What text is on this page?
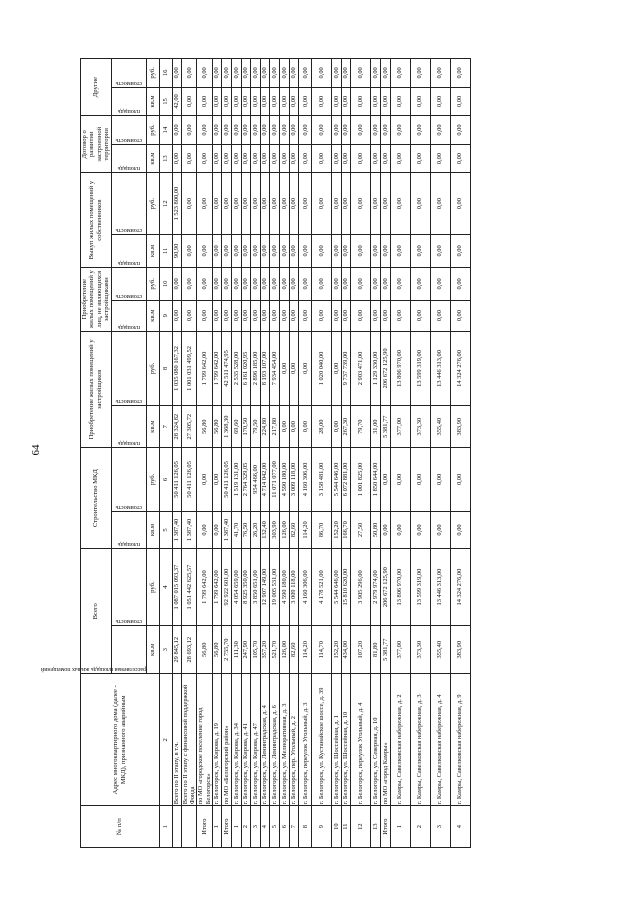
64
№ п/п	Адрес многоквартирного дома (далее - МКД), признанного аварийным	Всего		Строительство МКД		Приобретение жилых помещений у застройщиков		Приобретение жилых помещений у лиц, не являющихся застройщиками		Выкуп жилых помещений у собственников		Договор о развитии застроенной территории		Другие	

		расселяемая площадь жилых помещений	стоимость	площадь	стоимость	площадь	стоимость	площадь	стоимость	площадь	стоимость	площадь	стоимость	площадь	стоимость

		кв.м	руб.	кв.м	руб.	кв.м	руб.	кв.м	руб.	кв.м	руб.	кв.м	руб.	кв.м	руб.
1	2	3	4	5	6	7	8	9	10	11	12	13	14	15	16
	Всего по II этапу, в т.ч.	29 845,12	1 087 015 093,37	1 387,40	50 411 126,05	28 324,82	1 035 080 167,32	0,00	0,00	90,90	1 523 800,00	0,00	0,00	42,00	0,00
	Всего по II этапу с финансовой поддержкой Фонда	28 693,12	1 051 442 625,57	1 387,40	50 411 126,05	27 305,72	1 001 031 499,52	0,00	0,00	0,00	0,00	0,00	0,00	0,00	0,00
Итого	по МО «городское поселение город Белогорск»	56,80	1 799 642,00	0,00	0,00	56,80	1 799 642,00	0,00	0,00	0,00	0,00	0,00	0,00	0,00	0,00
1	г. Белогорск, ул. Кирова, д. 19	56,80	1 799 642,00	0,00	0,00	56,80	1 799 642,00	0,00	0,00	0,00	0,00	0,00	0,00	0,00	0,00
Итого	по МО «Белогорский район»	2 755,70	92 922 601,00	1 387,40	50 411 126,05	1 368,30	42 511 474,95	0,00	0,00	0,00	0,00	0,00	0,00	0,00	0,00
1	г. Белогорск, ул. Кирова, д. 34	111,30	4 054 659,00	41,70	1 519 131,00	69,60	2 535 528,00	0,00	0,00	0,00	0,00	0,00	0,00	0,00	0,00
2	г. Белогорск, ул. Кирова, д. 41	247,90	8 925 350,00	76,50	2 764 329,05	170,50	6 161 020,95	0,00	0,00	0,00	0,00	0,00	0,00	0,00	0,00
3	г. Белогорск, ул. Кирова, д. 47	105,70	3 850 651,00	26,20	954 466,00	79,50	2 896 185,00	0,00	0,00	0,00	0,00	0,00	0,00	0,00	0,00
4	г. Белогорск, ул. Ленинградская, д. 4	357,20	12 907 149,00	132,40	4 714 042,00	224,80	8 193 107,00	0,00	0,00	0,00	0,00	0,00	0,00	0,00	0,00
5	г. Белогорск, ул. Ленинградская, д. 6	521,70	19 005 531,00	303,90	11 071 077,00	217,80	7 934 454,00	0,00	0,00	0,00	0,00	0,00	0,00	0,00	0,00
6	г. Белогорск, ул. Мелиоративная, д. 3	126,00	4 590 180,00	126,00	4 590 180,00	0,00	0,00	0,00	0,00	0,00	0,00	0,00	0,00	0,00	0,00
7	г. Белогорск, пер. Угольный, д. 2	82,60	3 009 118,00	82,60	3 009 118,00	0,00	0,00	0,00	0,00	0,00	0,00	0,00	0,00	0,00	0,00
8	г. Белогорск, переулок Угольный, д. 3	114,20	4 160 306,00	114,20	4 160 306,00	0,00	0,00	0,00	0,00	0,00	0,00	0,00	0,00	0,00	0,00
9	г. Белогорск, ул. Кустанайское шоссе, д. 39	114,70	4 178 521,00	86,70	3 158 481,00	28,00	1 020 040,00	0,00	0,00	0,00	0,00	0,00	0,00	0,00	0,00
10	г. Белогорск, ул. Шоссейная, д. 1	152,20	5 544 646,00	152,20	5 544 646,00	0,00	0,00	0,00	0,00	0,00	0,00	0,00	0,00	0,00	0,00
11	г. Белогорск, ул. Шоссейная, д. 10	434,00	15 810 620,00	166,70	6 072 881,00	267,30	9 737 739,00	0,00	0,00	0,00	0,00	0,00	0,00	0,00	0,00
12	г. Белогорск, переулок Угольный, д. 4	107,20	3 905 296,00	27,50	1 001 825,00	79,70	2 903 471,00	0,00	0,00	0,00	0,00	0,00	0,00	0,00	0,00
13	г. Белогорск, ул. Северная, д. 10	81,80	2 979 974,00	50,80	1 850 644,00	31,00	1 129 330,00	0,00	0,00	0,00	0,00	0,00	0,00	0,00	0,00
Итого	по МО «город Камры»	5 381,77	206 672 125,90	0,00	0,00	5 381,77	206 672 125,90	0,00	0,00	0,00	0,00	0,00	0,00	0,00	0,00
1	г. Камры, Савелковская набережная, д. 2	377,00	13 806 970,00	0,00	0,00	377,00	13 806 970,00	0,00	0,00	0,00	0,00	0,00	0,00	0,00	0,00
2	г. Камры, Савелковская набережная, д. 3	373,30	13 599 319,00	0,00	0,00	373,30	13 599 319,00	0,00	0,00	0,00	0,00	0,00	0,00	0,00	0,00
3	г. Камры, Савелковская набережная, д. 4	355,40	13 446 313,00	0,00	0,00	355,40	13 446 313,00	0,00	0,00	0,00	0,00	0,00	0,00	0,00	0,00
4	г. Камры, Савелковская набережная, д. 9	383,90	14 324 276,00	0,00	0,00	383,90	14 324 276,00	0,00	0,00	0,00	0,00	0,00	0,00	0,00	0,00
